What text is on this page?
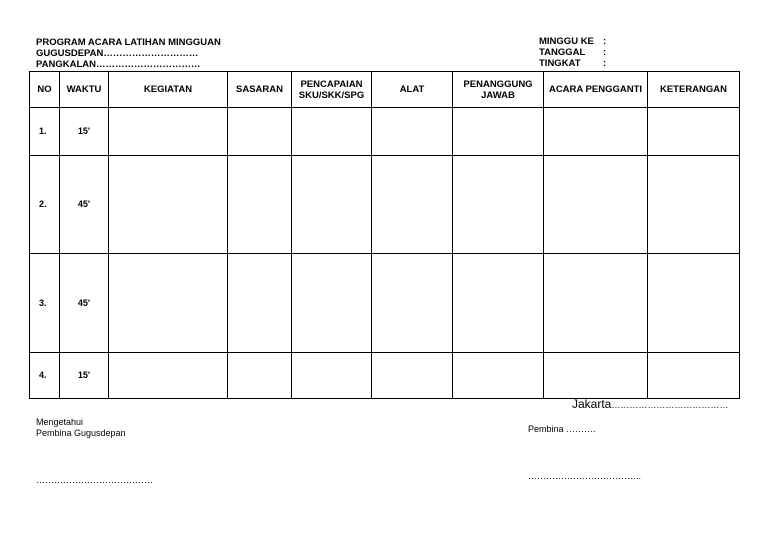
PROGRAM ACARA LATIHAN MINGGUAN
GUGUSDEPAN…………………………
PANGKALAN……………………………
MINGGU KE :
TANGGAL	:
TINGKAT	:
NO	WAKTU	KEGIATAN	SASARAN	PENCAPAIAN SKU/SKK/SPG	ALAT	PENANGGUNG JAWAB	ACARA PENGGANTI	KETERANGAN
1.	15'							
2.	45'							
3.	45'							
4.	15'							
Jakarta…………………………………
Mengetahui
Pembina Gugusdepan	Pembina ……….
…………………………………	………………………………..
